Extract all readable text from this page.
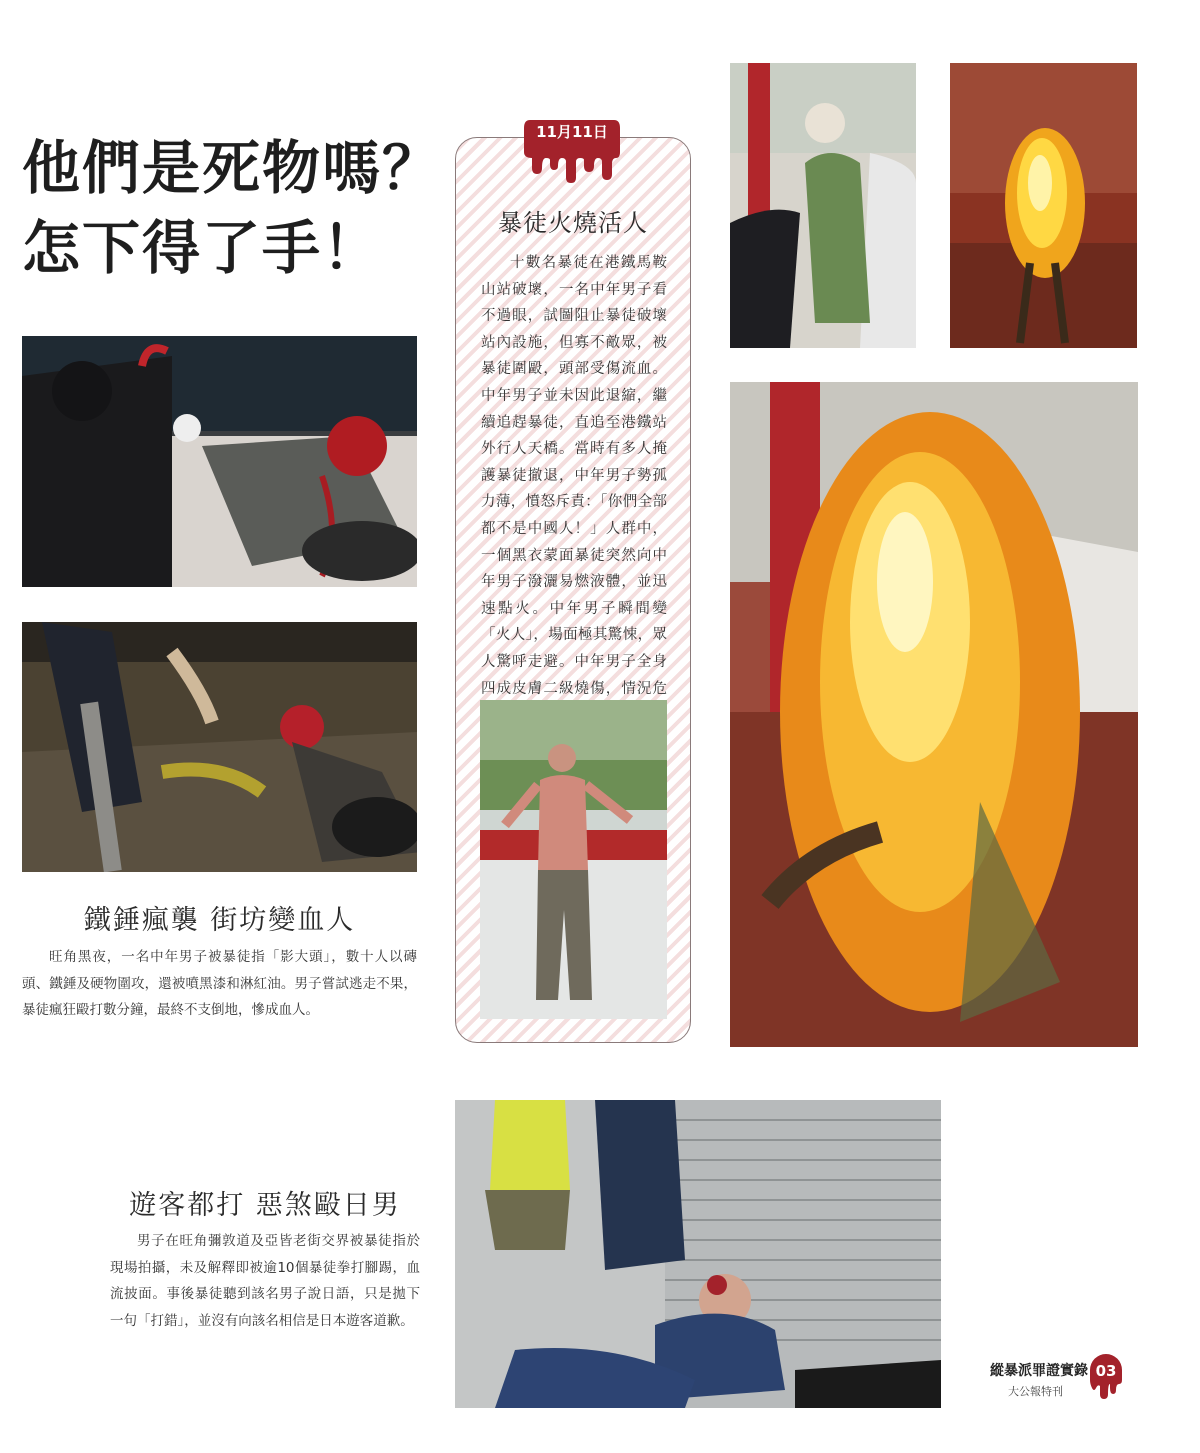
他們是死物嗎？
怎下得了手！
鐵錘瘋襲 街坊變血人

旺角黑夜，一名中年男子被暴徒指「影大頭」，數十人以磚頭、鐵錘及硬物圍攻，還被噴黑漆和淋紅油。男子嘗試逃走不果，暴徒瘋狂毆打數分鐘，最終不支倒地，慘成血人。

11月11日
暴徒火燒活人

十數名暴徒在港鐵馬鞍山站破壞，一名中年男子看不過眼，試圖阻止暴徒破壞站內設施，但寡不敵眾，被暴徒圍毆，頭部受傷流血。中年男子並未因此退縮，繼續追趕暴徒，直追至港鐵站外行人天橋。當時有多人掩護暴徒撤退，中年男子勢孤力薄，憤怒斥責：「你們全部都不是中國人！」人群中，一個黑衣蒙面暴徒突然向中年男子潑灑易燃液體，並迅速點火。中年男子瞬間變「火人」，場面極其驚悚，眾人驚呼走避。中年男子全身四成皮膚二級燒傷，情況危

遊客都打 惡煞毆日男

男子在旺角彌敦道及亞皆老街交界被暴徒指於現場拍攝，未及解釋即被逾10個暴徒拳打腳踢，血流披面。事後暴徒聽到該名男子說日語，只是拋下一句「打錯」，並沒有向該名相信是日本遊客道歉。

縱暴派罪證實錄
大公報特刊
03
